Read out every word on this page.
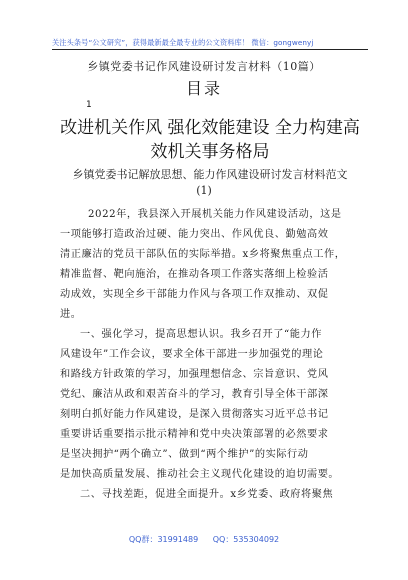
关注头条号“公文研究”，获得最新最全最专业的公文资料库！ 微信：gongwenyj
乡镇党委书记作风建设研讨发言材料（10篇）
目录
1
改进机关作风 强化效能建设 全力构建高
效机关事务格局
乡镇党委书记解放思想、能力作风建设研讨发言材料范文
(1)
2022年，我县深入开展机关能力作风建设活动，这是
一项能够打造政治过硬、能力突出、作风优良、勤勉高效
清正廉洁的党员干部队伍的实际举措。x乡将聚焦重点工作，
精准监督、靶向施治，在推动各项工作落实落细上检验活
动成效，实现全乡干部能力作风与各项工作双推动、双促
进。
一、强化学习，提高思想认识。我乡召开了“能力作
风建设年”工作会议，要求全体干部进一步加强党的理论
和路线方针政策的学习，加强理想信念、宗旨意识、党风
党纪、廉洁从政和艰苦奋斗的学习，教育引导全体干部深
刻明白抓好能力作风建设，是深入贯彻落实习近平总书记
重要讲话重要指示批示精神和党中央决策部署的必然要求
是坚决拥护“两个确立”、做到“两个维护”的实际行动
是加快高质量发展、推动社会主义现代化建设的迫切需要。
二、寻找差距，促进全面提升。x乡党委、政府将聚焦
QQ群：31991489 QQ：535304092
